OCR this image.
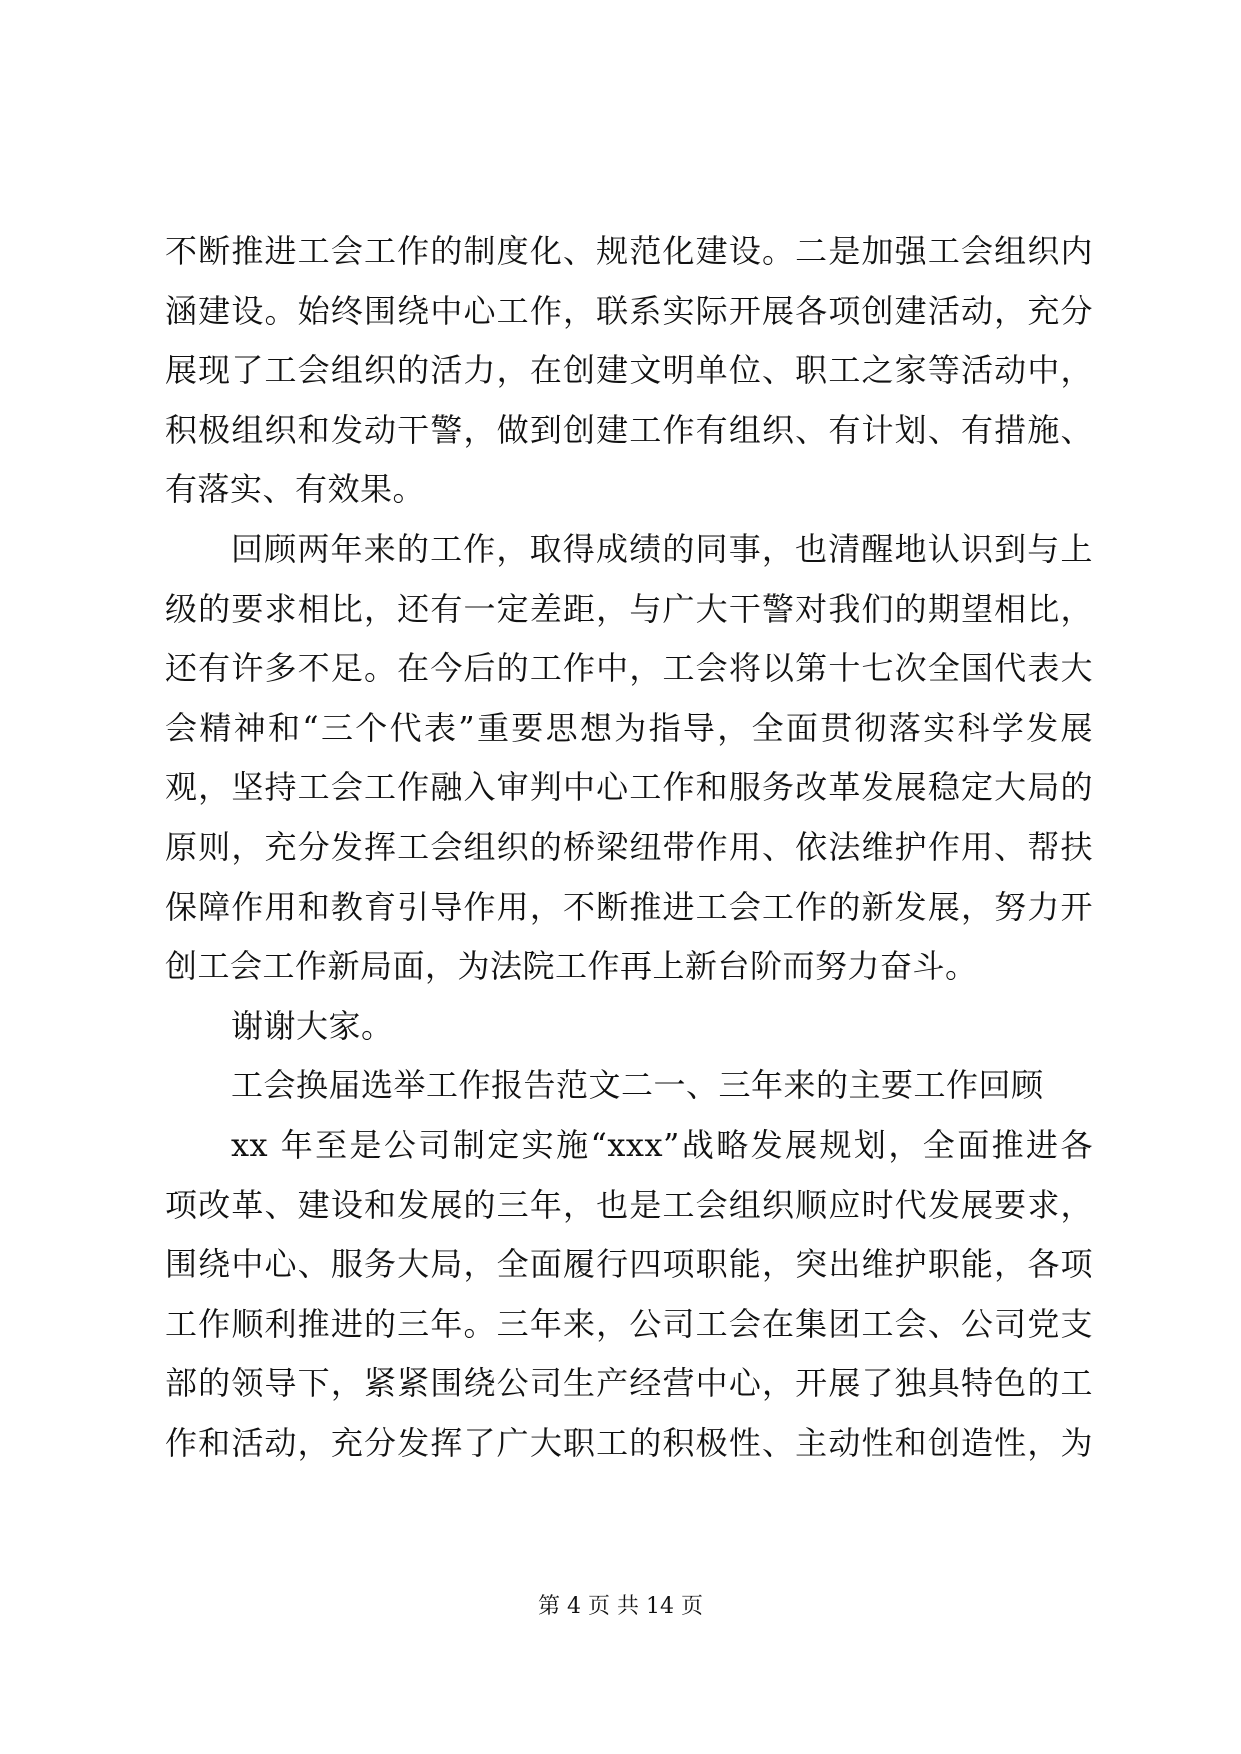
不断推进工会工作的制度化、规范化建设。二是加强工会组织内
涵建设。始终围绕中心工作，联系实际开展各项创建活动，充分
展现了工会组织的活力，在创建文明单位、职工之家等活动中，
积极组织和发动干警，做到创建工作有组织、有计划、有措施、
有落实、有效果。
回顾两年来的工作，取得成绩的同事，也清醒地认识到与上
级的要求相比，还有一定差距，与广大干警对我们的期望相比，
还有许多不足。在今后的工作中，工会将以第十七次全国代表大
会精神和“三个代表”重要思想为指导，全面贯彻落实科学发展
观，坚持工会工作融入审判中心工作和服务改革发展稳定大局的
原则，充分发挥工会组织的桥梁纽带作用、依法维护作用、帮扶
保障作用和教育引导作用，不断推进工会工作的新发展，努力开
创工会工作新局面，为法院工作再上新台阶而努力奋斗。
谢谢大家。
工会换届选举工作报告范文二一、三年来的主要工作回顾
xx 年至是公司制定实施“xxx”战略发展规划，全面推进各
项改革、建设和发展的三年，也是工会组织顺应时代发展要求，
围绕中心、服务大局，全面履行四项职能，突出维护职能，各项
工作顺利推进的三年。三年来，公司工会在集团工会、公司党支
部的领导下，紧紧围绕公司生产经营中心，开展了独具特色的工
作和活动，充分发挥了广大职工的积极性、主动性和创造性，为
第 4 页 共 14 页
